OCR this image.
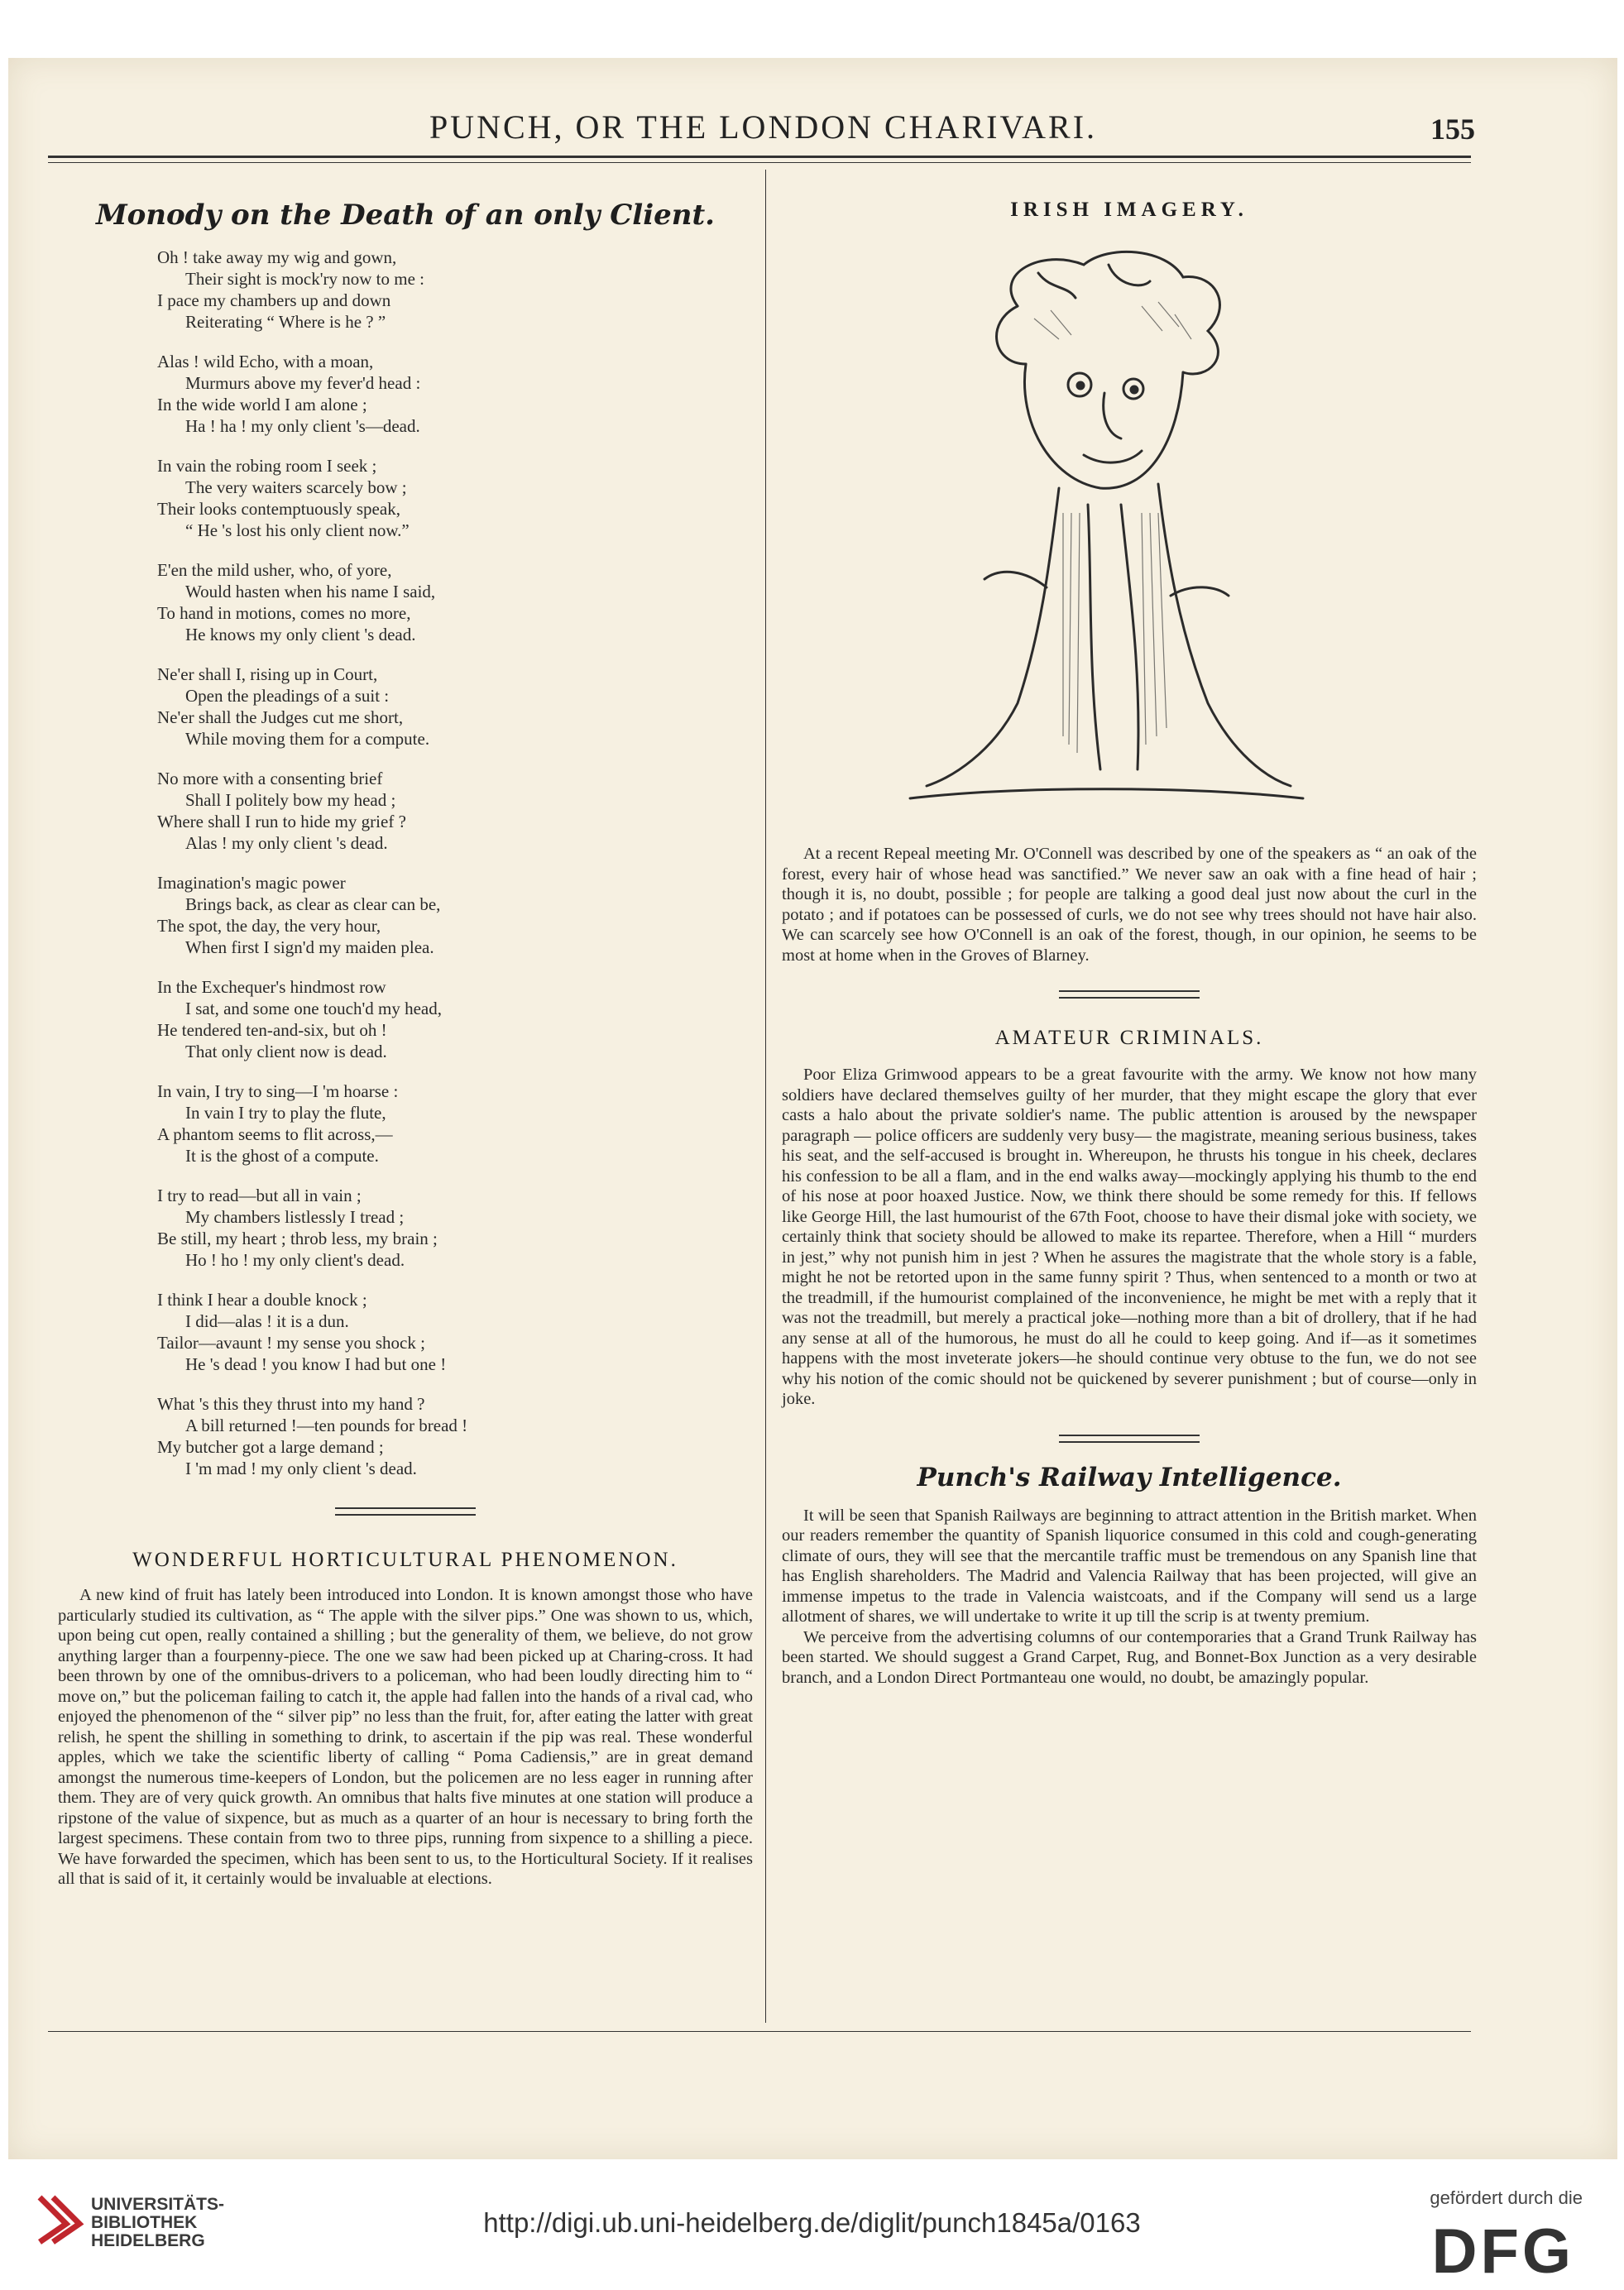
PUNCH, OR THE LONDON CHARIVARI.	155
Monody on the Death of an only Client.
Oh ! take away my wig and gown,
Their sight is mock'ry now to me :
I pace my chambers up and down
Reiterating “ Where is he ? ”
Alas ! wild Echo, with a moan,
Murmurs above my fever'd head :
In the wide world I am alone ;
Ha ! ha ! my only client 's—dead.
In vain the robing room I seek ;
The very waiters scarcely bow ;
Their looks contemptuously speak,
“ He 's lost his only client now.”
E'en the mild usher, who, of yore,
Would hasten when his name I said,
To hand in motions, comes no more,
He knows my only client 's dead.
Ne'er shall I, rising up in Court,
Open the pleadings of a suit :
Ne'er shall the Judges cut me short,
While moving them for a compute.
No more with a consenting brief
Shall I politely bow my head ;
Where shall I run to hide my grief ?
Alas ! my only client 's dead.
Imagination's magic power
Brings back, as clear as clear can be,
The spot, the day, the very hour,
When first I sign'd my maiden plea.
In the Exchequer's hindmost row
I sat, and some one touch'd my head,
He tendered ten-and-six, but oh !
That only client now is dead.
In vain, I try to sing—I 'm hoarse :
In vain I try to play the flute,
A phantom seems to flit across,—
It is the ghost of a compute.
I try to read—but all in vain ;
My chambers listlessly I tread ;
Be still, my heart ; throb less, my brain ;
Ho ! ho ! my only client's dead.
I think I hear a double knock ;
I did—alas ! it is a dun.
Tailor—avaunt ! my sense you shock ;
He 's dead ! you know I had but one !
What 's this they thrust into my hand ?
A bill returned !—ten pounds for bread !
My butcher got a large demand ;
I 'm mad ! my only client 's dead.
WONDERFUL HORTICULTURAL PHENOMENON.

A new kind of fruit has lately been introduced into London. It is known amongst those who have particularly studied its cultivation, as “ The apple with the silver pips.” One was shown to us, which, upon being cut open, really contained a shilling ; but the generality of them, we believe, do not grow anything larger than a fourpenny-piece. The one we saw had been picked up at Charing-cross. It had been thrown by one of the omnibus-drivers to a policeman, who had been loudly directing him to “ move on,” but the policeman failing to catch it, the apple had fallen into the hands of a rival cad, who enjoyed the phenomenon of the “ silver pip” no less than the fruit, for, after eating the latter with great relish, he spent the shilling in something to drink, to ascertain if the pip was real. These wonderful apples, which we take the scientific liberty of calling “ Poma Cadiensis,” are in great demand amongst the numerous time-keepers of London, but the policemen are no less eager in running after them. They are of very quick growth. An omnibus that halts five minutes at one station will produce a ripstone of the value of sixpence, but as much as a quarter of an hour is necessary to bring forth the largest specimens. These contain from two to three pips, running from sixpence to a shilling a piece. We have forwarded the specimen, which has been sent to us, to the Horticultural Society. If it realises all that is said of it, it certainly would be invaluable at elections.

IRISH IMAGERY.

At a recent Repeal meeting Mr. O'Connell was described by one of the speakers as “ an oak of the forest, every hair of whose head was sanctified.” We never saw an oak with a fine head of hair ; though it is, no doubt, possible ; for people are talking a good deal just now about the curl in the potato ; and if potatoes can be possessed of curls, we do not see why trees should not have hair also. We can scarcely see how O'Connell is an oak of the forest, though, in our opinion, he seems to be most at home when in the Groves of Blarney.

AMATEUR CRIMINALS.

Poor Eliza Grimwood appears to be a great favourite with the army. We know not how many soldiers have declared themselves guilty of her murder, that they might escape the glory that ever casts a halo about the private soldier's name. The public attention is aroused by the newspaper paragraph — police officers are suddenly very busy— the magistrate, meaning serious business, takes his seat, and the self-accused is brought in. Whereupon, he thrusts his tongue in his cheek, declares his confession to be all a flam, and in the end walks away—mockingly applying his thumb to the end of his nose at poor hoaxed Justice. Now, we think there should be some remedy for this. If fellows like George Hill, the last humourist of the 67th Foot, choose to have their dismal joke with society, we certainly think that society should be allowed to make its repartee. Therefore, when a Hill “ murders in jest,” why not punish him in jest ? When he assures the magistrate that the whole story is a fable, might he not be retorted upon in the same funny spirit ? Thus, when sentenced to a month or two at the treadmill, if the humourist complained of the inconvenience, he might be met with a reply that it was not the treadmill, but merely a practical joke—nothing more than a bit of drollery, that if he had any sense at all of the humorous, he must do all he could to keep going. And if—as it sometimes happens with the most inveterate jokers—he should continue very obtuse to the fun, we do not see why his notion of the comic should not be quickened by severer punishment ; but of course—only in joke.

Punch's Railway Intelligence.

It will be seen that Spanish Railways are beginning to attract attention in the British market. When our readers remember the quantity of Spanish liquorice consumed in this cold and cough-generating climate of ours, they will see that the mercantile traffic must be tremendous on any Spanish line that has English shareholders. The Madrid and Valencia Railway that has been projected, will give an immense impetus to the trade in Valencia waistcoats, and if the Company will send us a large allotment of shares, we will undertake to write it up till the scrip is at twenty premium.

We perceive from the advertising columns of our contemporaries that a Grand Trunk Railway has been started. We should suggest a Grand Carpet, Rug, and Bonnet-Box Junction as a very desirable branch, and a London Direct Portmanteau one would, no doubt, be amazingly popular.

UNIVERSITÄTS-
BIBLIOTHEK
HEIDELBERG
http://digi.ub.uni-heidelberg.de/diglit/punch1845a/0163
gefördert durch die
DFG
